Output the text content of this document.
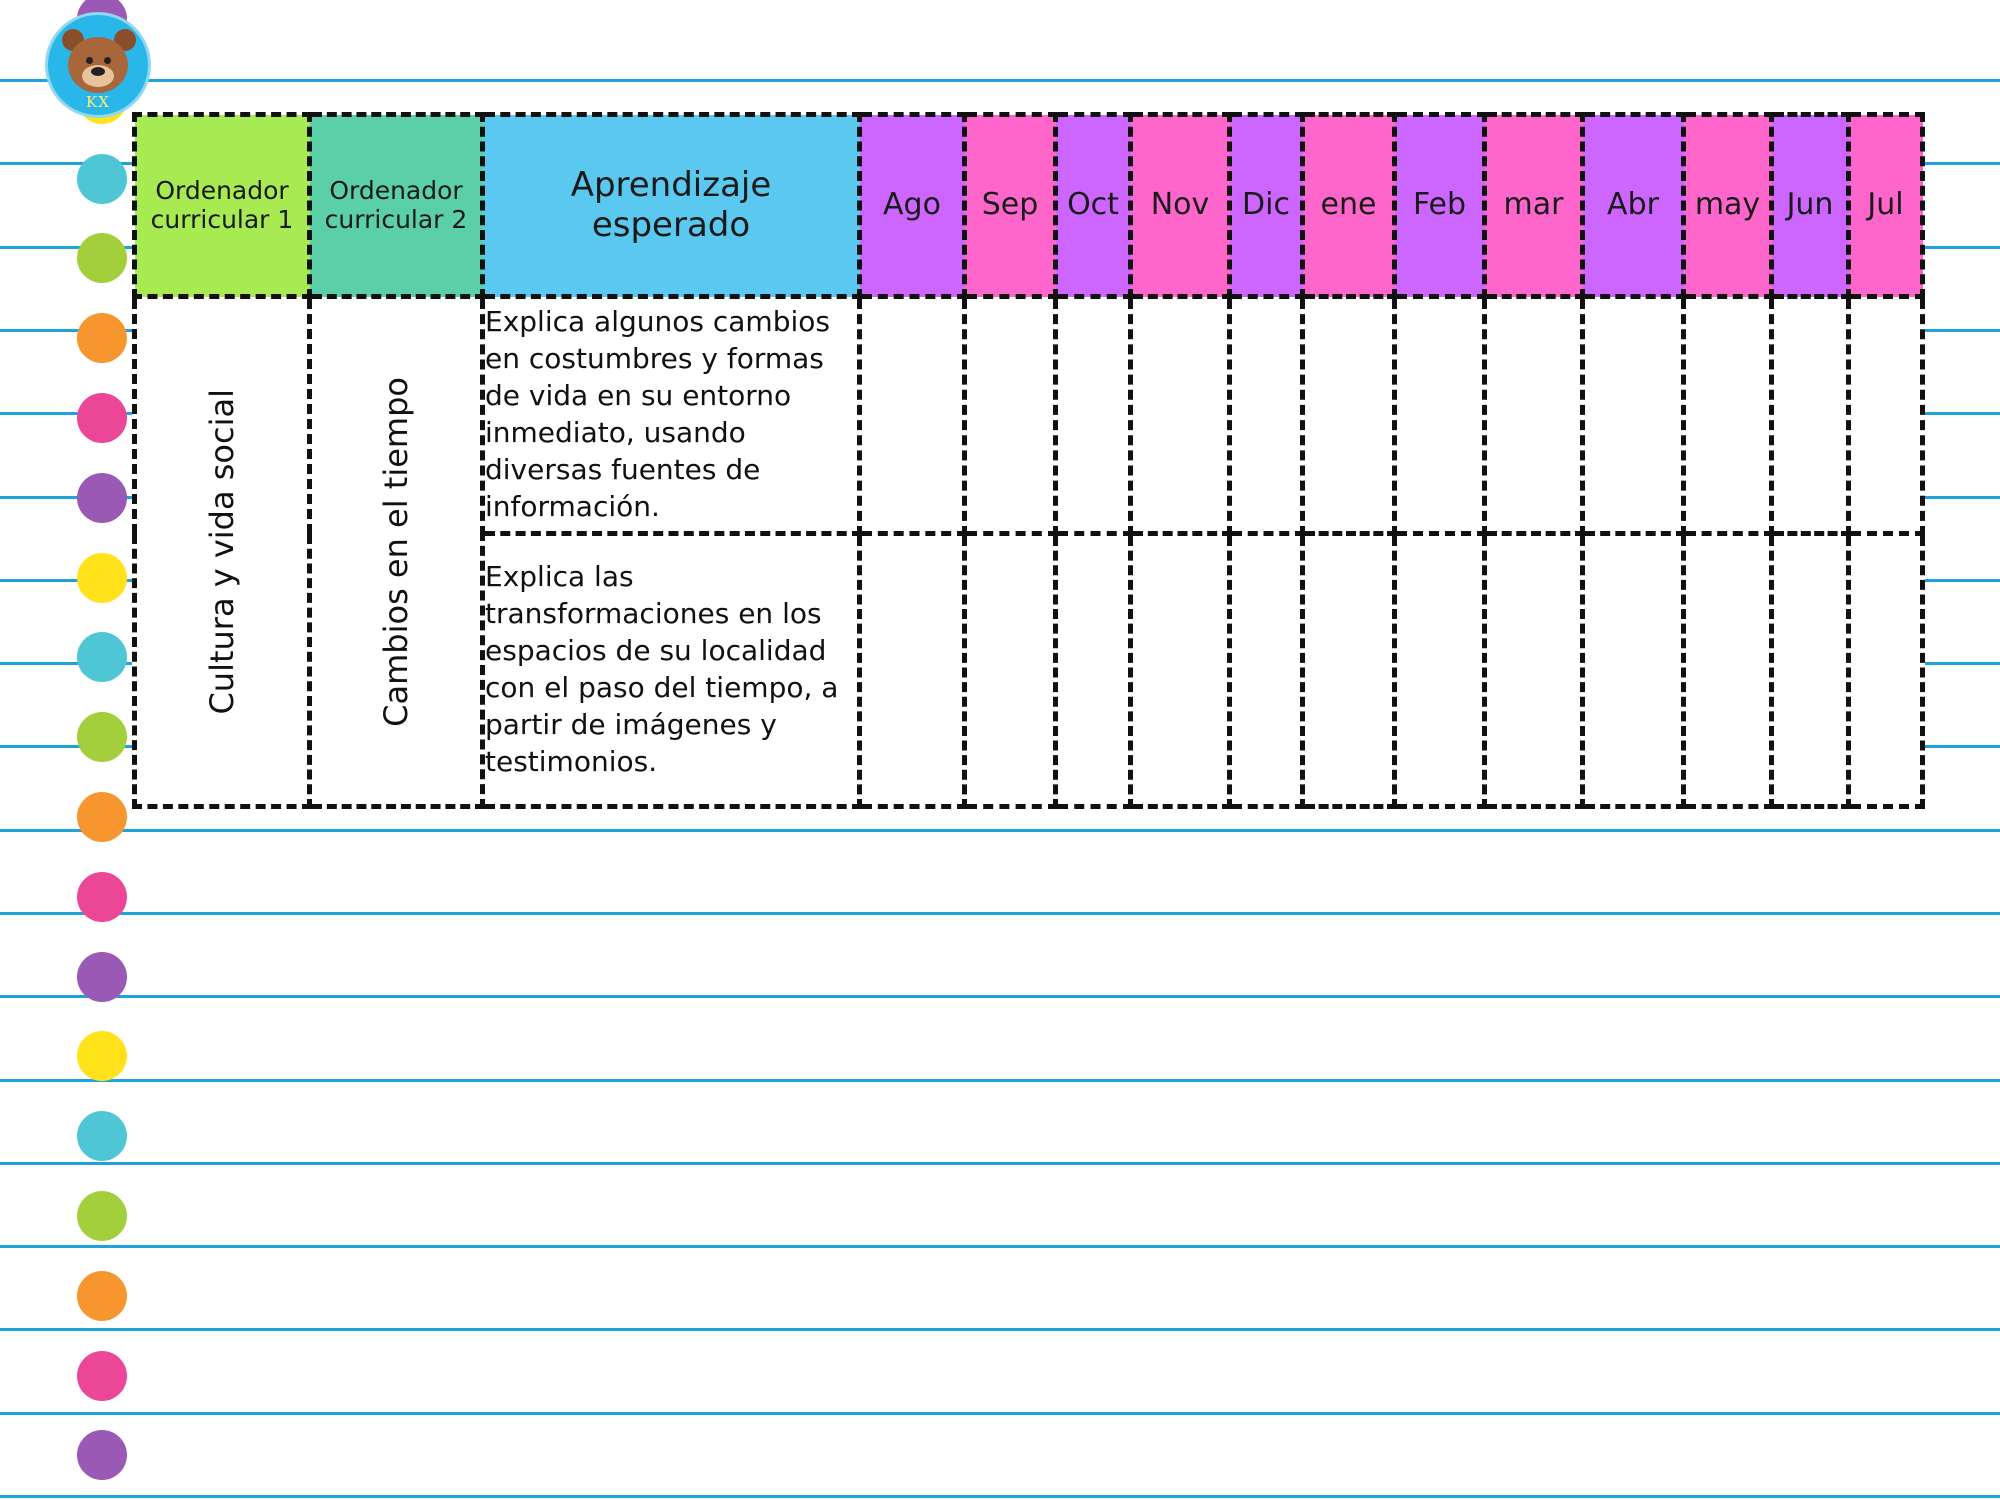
KX
Ordenador curricular 1	Ordenador curricular 2	Aprendizaje esperado	Ago	Sep	Oct	Nov	Dic	ene	Feb	mar	Abr	may	Jun	Jul

Cultura y vida social	Cambios en el tiempo	Explica algunos cambios en costumbres y formas de vida en su entorno inmediato, usando diversas fuentes de información.												
		Explica las transformaciones en los espacios de su localidad con el paso del tiempo, a partir de imágenes y testimonios.												
